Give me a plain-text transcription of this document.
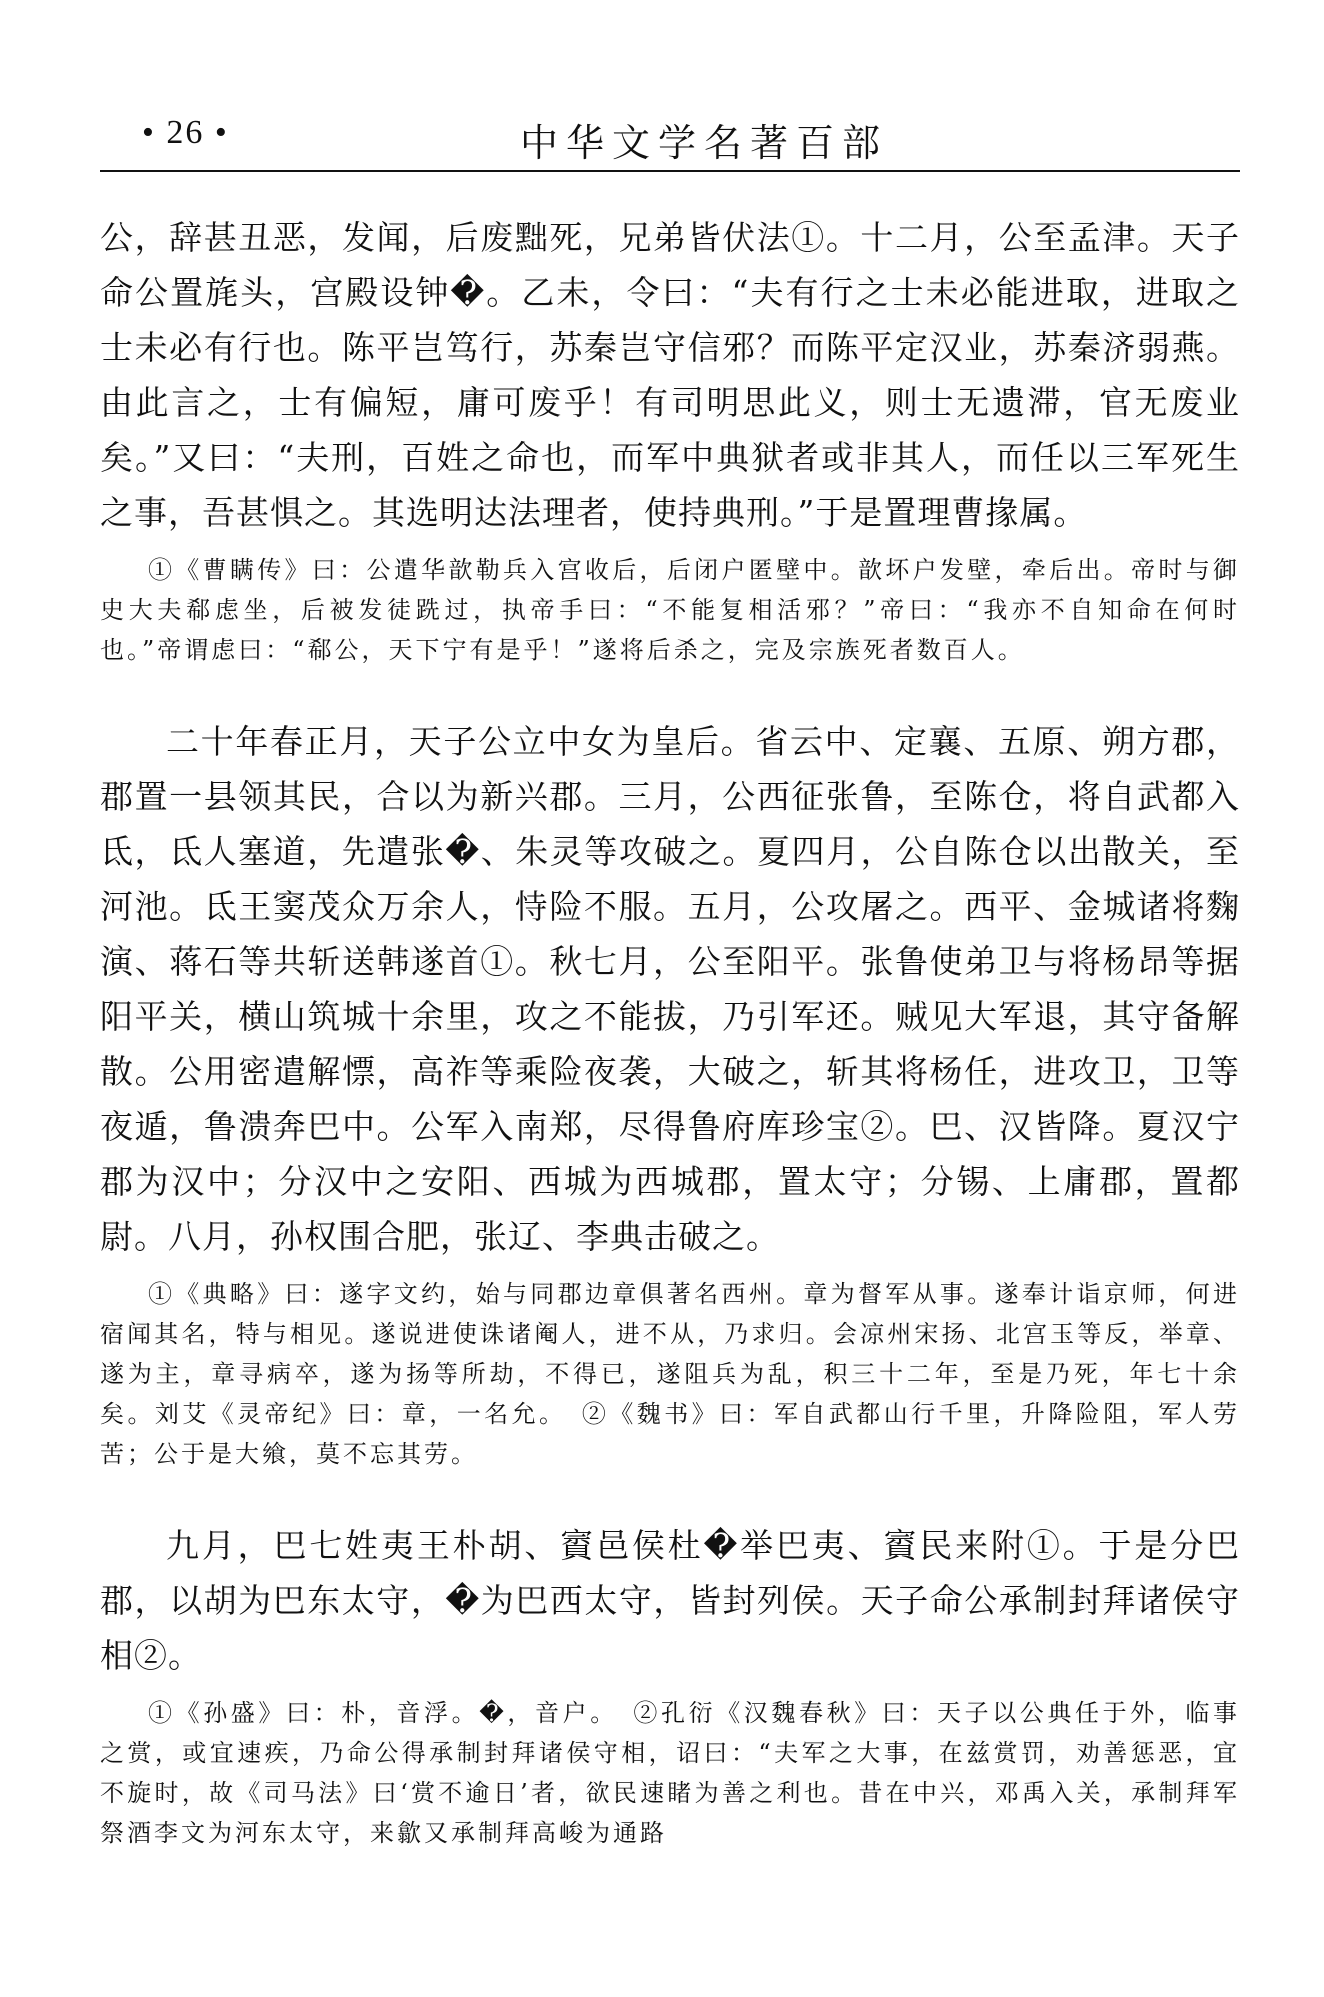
• 26 •	中华文学名著百部

公，辞甚丑恶，发闻，后废黜死，兄弟皆伏法①。十二月，公至孟津。天子命公置旄头，宫殿设钟�。乙未，令曰：“夫有行之士未必能进取，进取之士未必有行也。陈平岂笃行，苏秦岂守信邪？而陈平定汉业，苏秦济弱燕。由此言之，士有偏短，庸可废乎！有司明思此义，则士无遗滞，官无废业矣。”又曰：“夫刑，百姓之命也，而军中典狱者或非其人，而任以三军死生之事，吾甚惧之。其选明达法理者，使持典刑。”于是置理曹掾属。

①《曹瞒传》曰：公遣华歆勒兵入宫收后，后闭户匿壁中。歆坏户发壁，牵后出。帝时与御史大夫郗虑坐，后被发徒跣过，执帝手曰：“不能复相活邪？”帝曰：“我亦不自知命在何时也。”帝谓虑曰：“郗公，天下宁有是乎！”遂将后杀之，完及宗族死者数百人。

二十年春正月，天子公立中女为皇后。省云中、定襄、五原、朔方郡，郡置一县领其民，合以为新兴郡。三月，公西征张鲁，至陈仓，将自武都入氐，氐人塞道，先遣张�、朱灵等攻破之。夏四月，公自陈仓以出散关，至河池。氐王窦茂众万余人，恃险不服。五月，公攻屠之。西平、金城诸将麴演、蒋石等共斩送韩遂首①。秋七月，公至阳平。张鲁使弟卫与将杨昂等据阳平关，横山筑城十余里，攻之不能拔，乃引军还。贼见大军退，其守备解散。公用密遣解慓，高祚等乘险夜袭，大破之，斩其将杨任，进攻卫，卫等夜遁，鲁溃奔巴中。公军入南郑，尽得鲁府库珍宝②。巴、汉皆降。夏汉宁郡为汉中；分汉中之安阳、西城为西城郡，置太守；分锡、上庸郡，置都尉。八月，孙权围合肥，张辽、李典击破之。

①《典略》曰：遂字文约，始与同郡边章俱著名西州。章为督军从事。遂奉计诣京师，何进宿闻其名，特与相见。遂说进使诛诸阉人，进不从，乃求归。会凉州宋扬、北宫玉等反，举章、遂为主，章寻病卒，遂为扬等所劫，不得已，遂阻兵为乱，积三十二年，至是乃死，年七十余矣。刘艾《灵帝纪》曰：章，一名允。　②《魏书》曰：军自武都山行千里，升降险阻，军人劳苦；公于是大飨，莫不忘其劳。

九月，巴七姓夷王朴胡、賨邑侯杜�举巴夷、賨民来附①。于是分巴郡，以胡为巴东太守，�为巴西太守，皆封列侯。天子命公承制封拜诸侯守相②。

①《孙盛》曰：朴，音浮。�，音户。　②孔衍《汉魏春秋》曰：天子以公典任于外，临事之赏，或宜速疾，乃命公得承制封拜诸侯守相，诏曰：“夫军之大事，在兹赏罚，劝善惩恶，宜不旋时，故《司马法》曰‘赏不逾日’者，欲民速睹为善之利也。昔在中兴，邓禹入关，承制拜军祭酒李文为河东太守，来歙又承制拜高峻为通路
